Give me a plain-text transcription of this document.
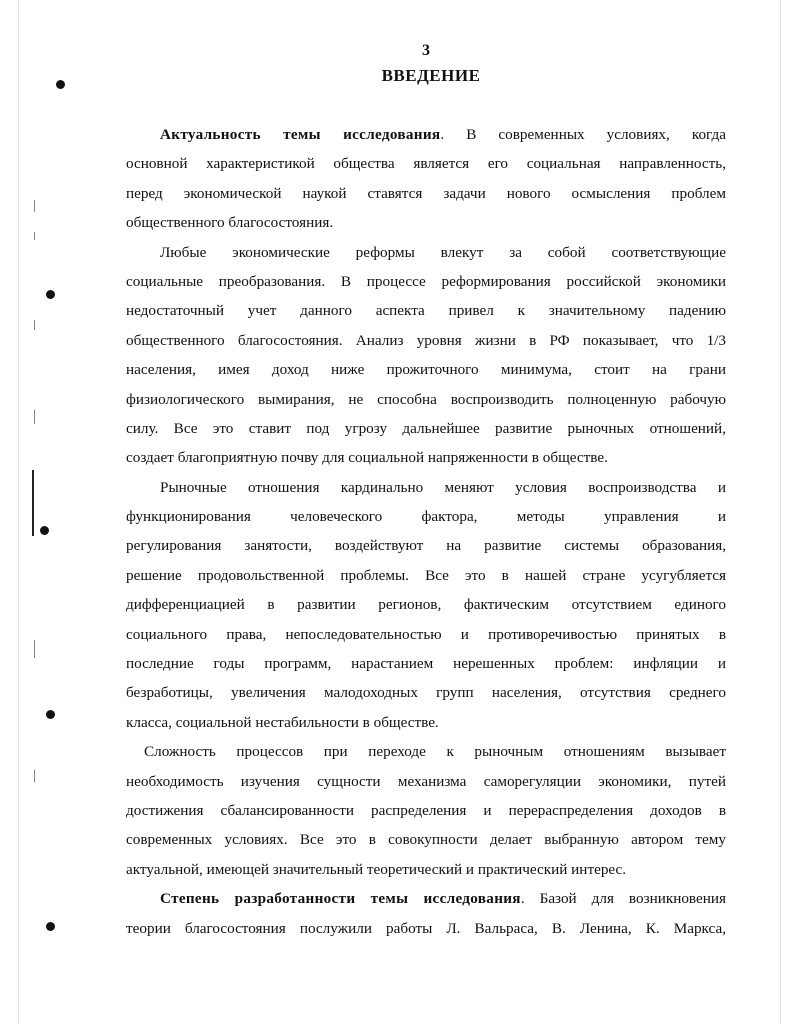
3
ВВЕДЕНИЕ
Актуальность темы исследования. В современных условиях, когда
основной характеристикой общества является его социальная направленность,
перед экономической наукой ставятся задачи нового осмысления проблем
общественного благосостояния.
Любые экономические реформы влекут за собой соответствующие
социальные преобразования. В процессе реформирования российской экономики
недостаточный учет данного аспекта привел к значительному падению
общественного благосостояния. Анализ уровня жизни в РФ показывает, что 1/3
населения, имея доход ниже прожиточного минимума, стоит на грани
физиологического вымирания, не способна воспроизводить полноценную рабочую
силу. Все это ставит под угрозу дальнейшее развитие рыночных отношений,
создает благоприятную почву для социальной напряженности в обществе.
Рыночные отношения кардинально меняют условия воспроизводства и
функционирования человеческого фактора, методы управления и
регулирования занятости, воздействуют на развитие системы образования,
решение продовольственной проблемы. Все это в нашей стране усугубляется
дифференциацией в развитии регионов, фактическим отсутствием единого
социального права, непоследовательностью и противоречивостью принятых в
последние годы программ, нарастанием нерешенных проблем: инфляции и
безработицы, увеличения малодоходных групп населения, отсутствия среднего
класса, социальной нестабильности в обществе.
Сложность процессов при переходе к рыночным отношениям вызывает
необходимость изучения сущности механизма саморегуляции экономики, путей
достижения сбалансированности распределения и перераспределения доходов в
современных условиях. Все это в совокупности делает выбранную автором тему
актуальной, имеющей значительный теоретический и практический интерес.
Степень разработанности темы исследования. Базой для возникновения
теории благосостояния послужили работы Л. Вальраса, В. Ленина, К. Маркса,
